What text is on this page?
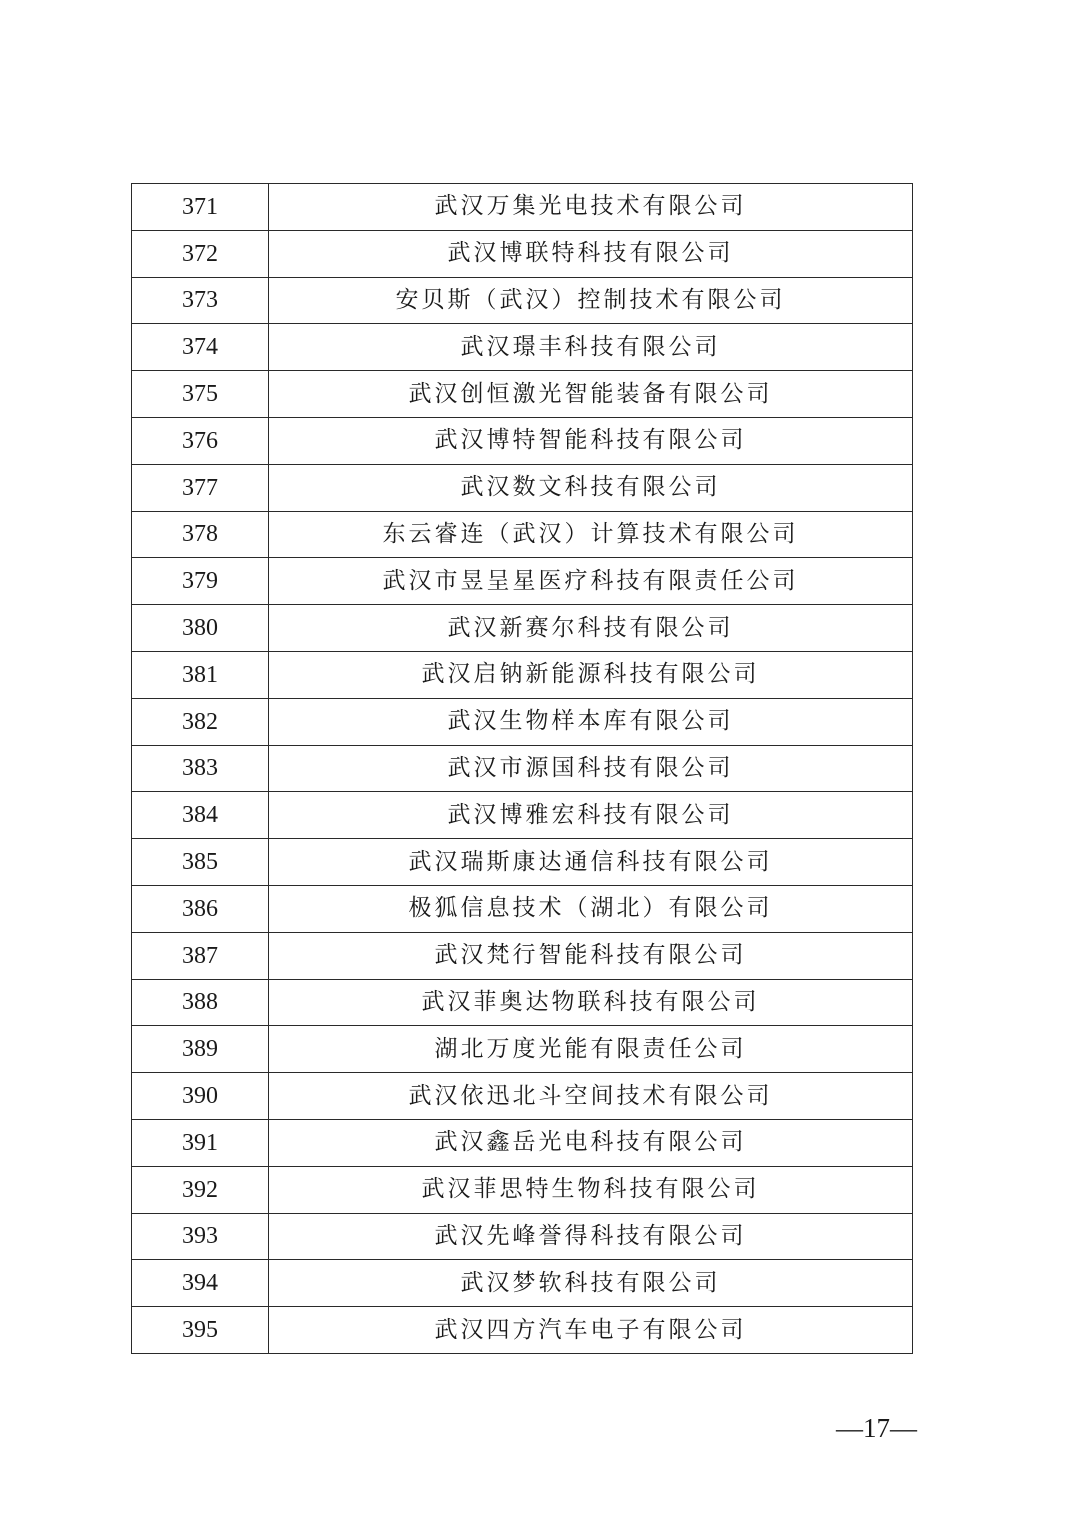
371	武汉万集光电技术有限公司
372	武汉博联特科技有限公司
373	安贝斯（武汉）控制技术有限公司
374	武汉璟丰科技有限公司
375	武汉创恒激光智能装备有限公司
376	武汉博特智能科技有限公司
377	武汉数文科技有限公司
378	东云睿连（武汉）计算技术有限公司
379	武汉市昱呈星医疗科技有限责任公司
380	武汉新赛尔科技有限公司
381	武汉启钠新能源科技有限公司
382	武汉生物样本库有限公司
383	武汉市源国科技有限公司
384	武汉博雅宏科技有限公司
385	武汉瑞斯康达通信科技有限公司
386	极狐信息技术（湖北）有限公司
387	武汉梵行智能科技有限公司
388	武汉菲奥达物联科技有限公司
389	湖北万度光能有限责任公司
390	武汉依迅北斗空间技术有限公司
391	武汉鑫岳光电科技有限公司
392	武汉菲思特生物科技有限公司
393	武汉先峰誉得科技有限公司
394	武汉梦软科技有限公司
395	武汉四方汽车电子有限公司
—17—
